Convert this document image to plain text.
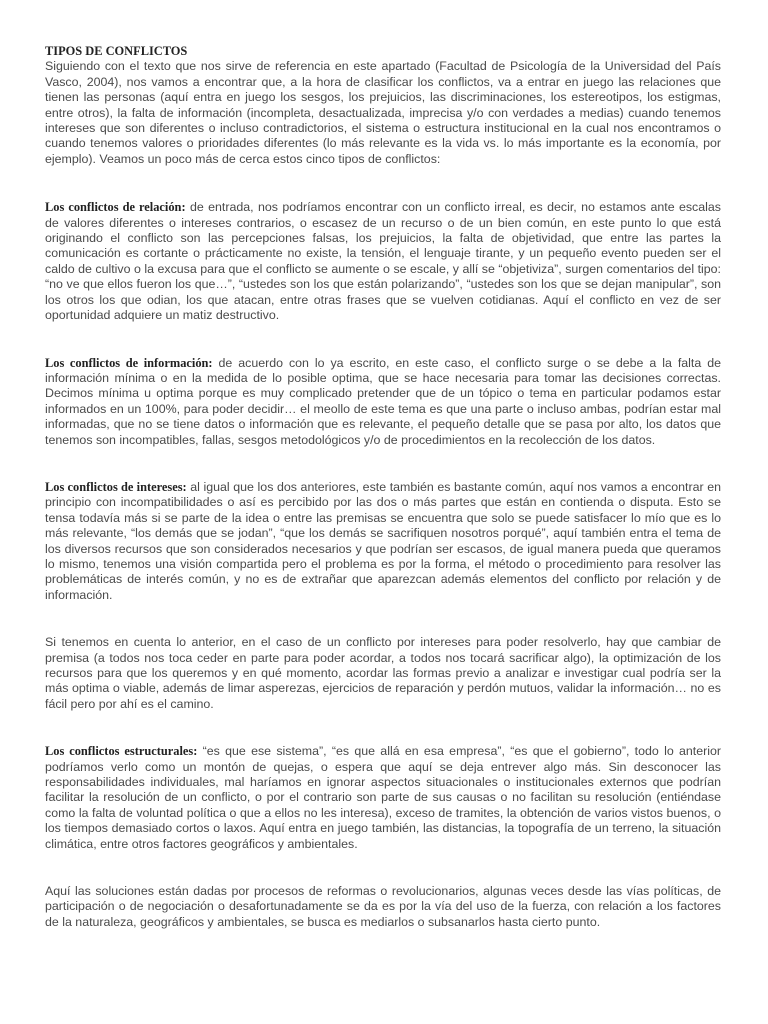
TIPOS DE CONFLICTOS

Siguiendo con el texto que nos sirve de referencia en este apartado (Facultad de Psicología de la Universidad del País Vasco, 2004), nos vamos a encontrar que, a la hora de clasificar los conflictos, va a entrar en juego las relaciones que tienen las personas (aquí entra en juego los sesgos, los prejuicios, las discriminaciones, los estereotipos, los estigmas, entre otros), la falta de información (incompleta, desactualizada, imprecisa y/o con verdades a medias) cuando tenemos intereses que son diferentes o incluso contradictorios, el sistema o estructura institucional en la cual nos encontramos o cuando tenemos valores o prioridades diferentes (lo más relevante es la vida vs. lo más importante es la economía, por ejemplo). Veamos un poco más de cerca estos cinco tipos de conflictos:

Los conflictos de relación: de entrada, nos podríamos encontrar con un conflicto irreal, es decir, no estamos ante escalas de valores diferentes o intereses contrarios, o escasez de un recurso o de un bien común, en este punto lo que está originando el conflicto son las percepciones falsas, los prejuicios, la falta de objetividad, que entre las partes la comunicación es cortante o prácticamente no existe, la tensión, el lenguaje tirante, y un pequeño evento pueden ser el caldo de cultivo o la excusa para que el conflicto se aumente o se escale, y allí se “objetiviza”, surgen comentarios del tipo: “no ve que ellos fueron los que…”, “ustedes son los que están polarizando”, “ustedes son los que se dejan manipular”, son los otros los que odian, los que atacan, entre otras frases que se vuelven cotidianas. Aquí el conflicto en vez de ser oportunidad adquiere un matiz destructivo.

Los conflictos de información: de acuerdo con lo ya escrito, en este caso, el conflicto surge o se debe a la falta de información mínima o en la medida de lo posible optima, que se hace necesaria para tomar las decisiones correctas. Decimos mínima u optima porque es muy complicado pretender que de un tópico o tema en particular podamos estar informados en un 100%, para poder decidir… el meollo de este tema es que una parte o incluso ambas, podrían estar mal informadas, que no se tiene datos o información que es relevante, el pequeño detalle que se pasa por alto, los datos que tenemos son incompatibles, fallas, sesgos metodológicos y/o de procedimientos en la recolección de los datos.

Los conflictos de intereses: al igual que los dos anteriores, este también es bastante común, aquí nos vamos a encontrar en principio con incompatibilidades o así es percibido por las dos o más partes que están en contienda o disputa. Esto se tensa todavía más si se parte de la idea o entre las premisas se encuentra que solo se puede satisfacer lo mío que es lo más relevante, “los demás que se jodan”, “que los demás se sacrifiquen nosotros porqué”, aquí también entra el tema de los diversos recursos que son considerados necesarios y que podrían ser escasos, de igual manera pueda que queramos lo mismo, tenemos una visión compartida pero el problema es por la forma, el método o procedimiento para resolver las problemáticas de interés común, y no es de extrañar que aparezcan además elementos del conflicto por relación y de información.

Si tenemos en cuenta lo anterior, en el caso de un conflicto por intereses para poder resolverlo, hay que cambiar de premisa (a todos nos toca ceder en parte para poder acordar, a todos nos tocará sacrificar algo), la optimización de los recursos para que los queremos y en qué momento, acordar las formas previo a analizar e investigar cual podría ser la más optima o viable, además de limar asperezas, ejercicios de reparación y perdón mutuos, validar la información… no es fácil pero por ahí es el camino.

Los conflictos estructurales: “es que ese sistema”, “es que allá en esa empresa”, “es que el gobierno”, todo lo anterior podríamos verlo como un montón de quejas, o espera que aquí se deja entrever algo más. Sin desconocer las responsabilidades individuales, mal haríamos en ignorar aspectos situacionales o institucionales externos que podrían facilitar la resolución de un conflicto, o por el contrario son parte de sus causas o no facilitan su resolución (entiéndase como la falta de voluntad política o que a ellos no les interesa), exceso de tramites, la obtención de varios vistos buenos, o los tiempos demasiado cortos o laxos. Aquí entra en juego también, las distancias, la topografía de un terreno, la situación climática, entre otros factores geográficos y ambientales.

Aquí las soluciones están dadas por procesos de reformas o revolucionarios, algunas veces desde las vías políticas, de participación o de negociación o desafortunadamente se da es por la vía del uso de la fuerza, con relación a los factores de la naturaleza, geográficos y ambientales, se busca es mediarlos o subsanarlos hasta cierto punto.
